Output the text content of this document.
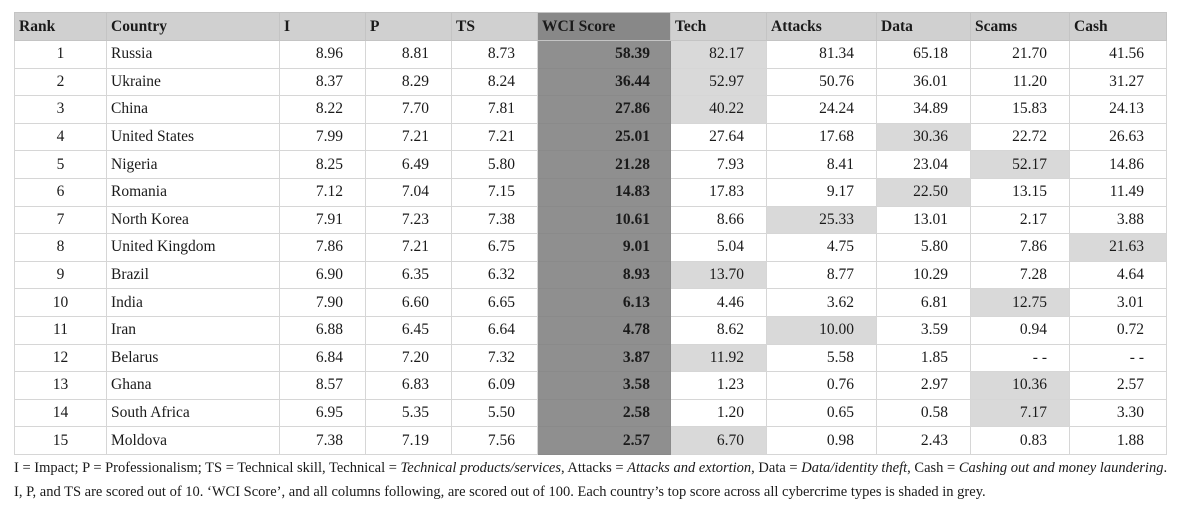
Rank	Country	I	P	TS	WCI Score	Tech	Attacks	Data	Scams	Cash
1	Russia	8.96	8.81	8.73	58.39	82.17	81.34	65.18	21.70	41.56
2	Ukraine	8.37	8.29	8.24	36.44	52.97	50.76	36.01	11.20	31.27
3	China	8.22	7.70	7.81	27.86	40.22	24.24	34.89	15.83	24.13
4	United States	7.99	7.21	7.21	25.01	27.64	17.68	30.36	22.72	26.63
5	Nigeria	8.25	6.49	5.80	21.28	7.93	8.41	23.04	52.17	14.86
6	Romania	7.12	7.04	7.15	14.83	17.83	9.17	22.50	13.15	11.49
7	North Korea	7.91	7.23	7.38	10.61	8.66	25.33	13.01	2.17	3.88
8	United Kingdom	7.86	7.21	6.75	9.01	5.04	4.75	5.80	7.86	21.63
9	Brazil	6.90	6.35	6.32	8.93	13.70	8.77	10.29	7.28	4.64
10	India	7.90	6.60	6.65	6.13	4.46	3.62	6.81	12.75	3.01
11	Iran	6.88	6.45	6.64	4.78	8.62	10.00	3.59	0.94	0.72
12	Belarus	6.84	7.20	7.32	3.87	11.92	5.58	1.85	- -	- -
13	Ghana	8.57	6.83	6.09	3.58	1.23	0.76	2.97	10.36	2.57
14	South Africa	6.95	5.35	5.50	2.58	1.20	0.65	0.58	7.17	3.30
15	Moldova	7.38	7.19	7.56	2.57	6.70	0.98	2.43	0.83	1.88
I = Impact; P = Professionalism; TS = Technical skill, Technical = Technical products/services, Attacks = Attacks and extortion, Data = Data/identity theft, Cash = Cashing out and money laundering. I, P, and TS are scored out of 10. ‘WCI Score’, and all columns following, are scored out of 100. Each country’s top score across all cybercrime types is shaded in grey.
